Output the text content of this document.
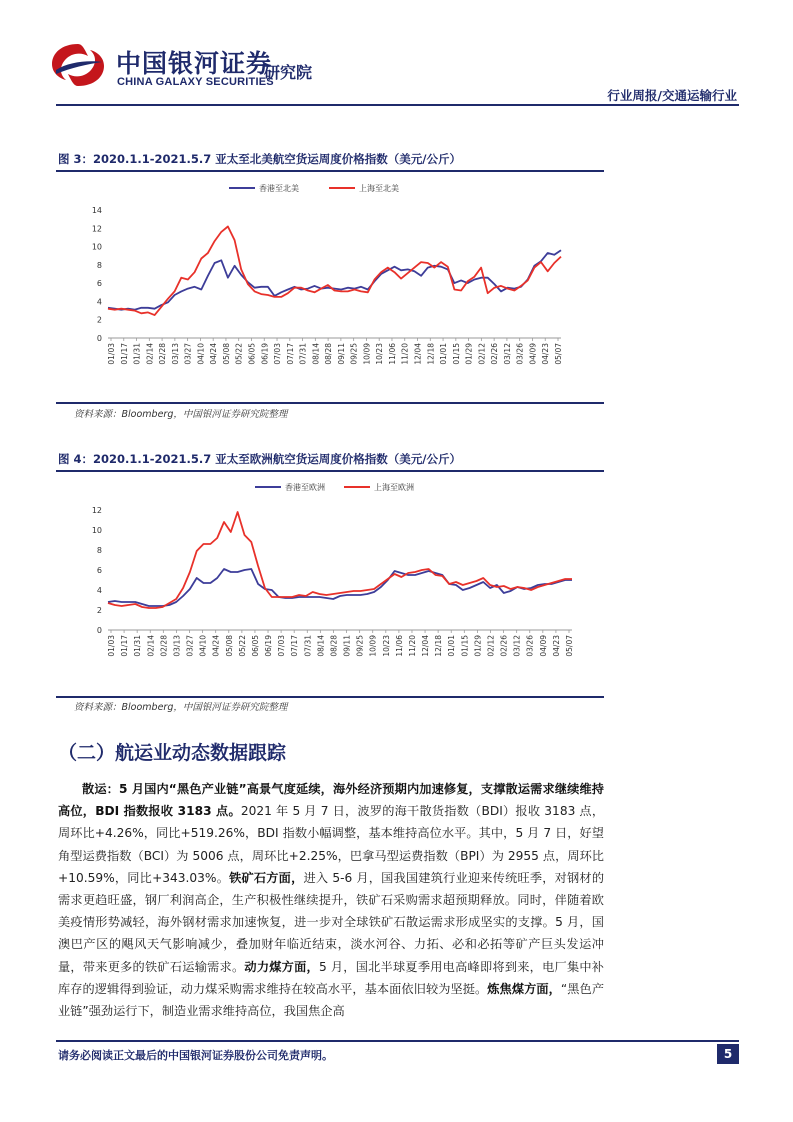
中国银河证券
CHINA GALAXY SECURITIES
研究院
行业周报/交通运输行业
图 3：2020.1.1-2021.5.7 亚太至北美航空货运周度价格指数（美元/公斤）
香港至北美	上海至北美
0
2
4
6
8
10
12
14
01/03 01/17 01/31 02/14 02/28 03/13 03/27 04/10 04/24 05/08 05/22 06/05 06/19 07/03 07/17 07/31 08/14 08/28 09/11 09/25 10/09 10/23 11/06 11/20 12/04 12/18 01/01 01/15 01/29 02/12 02/26 03/12 03/26 04/09 04/23 05/07
资料来源：Bloomberg，中国银河证券研究院整理
图 4：2020.1.1-2021.5.7 亚太至欧洲航空货运周度价格指数（美元/公斤）
香港至欧洲	上海至欧洲
0
2
4
6
8
10
12
01/03 01/17 01/31 02/14 02/28 03/13 03/27 04/10 04/24 05/08 05/22 06/05 06/19 07/03 07/17 07/31 08/14 08/28 09/11 09/25 10/09 10/23 11/06 11/20 12/04 12/18 01/01 01/15 01/29 02/12 02/26 03/12 03/26 04/09 04/23 05/07
资料来源：Bloomberg，中国银河证券研究院整理
（二）航运业动态数据跟踪
散运：5 月国内“黑色产业链”高景气度延续，海外经济预期内加速修复，支撑散运需求继续维持高位，BDI 指数报收 3183 点。2021 年 5 月 7 日，波罗的海干散货指数（BDI）报收 3183 点，周环比+4.26%，同比+519.26%，BDI 指数小幅调整，基本维持高位水平。其中，5 月 7 日，好望角型运费指数（BCI）为 5006 点，周环比+2.25%，巴拿马型运费指数（BPI）为 2955 点，周环比+10.59%，同比+343.03%。铁矿石方面，进入 5-6 月，国我国建筑行业迎来传统旺季，对钢材的需求更趋旺盛，钢厂利润高企，生产积极性继续提升，铁矿石采购需求超预期释放。同时，伴随着欧美疫情形势减轻，海外钢材需求加速恢复，进一步对全球铁矿石散运需求形成坚实的支撑。5 月，国澳巴产区的飓风天气影响减少，叠加财年临近结束，淡水河谷、力拓、必和必拓等矿产巨头发运冲量，带来更多的铁矿石运输需求。动力煤方面，5 月，国北半球夏季用电高峰即将到来，电厂集中补库存的逻辑得到验证，动力煤采购需求维持在较高水平，基本面依旧较为坚挺。炼焦煤方面，“黑色产业链”强劲运行下，制造业需求维持高位，我国焦企高
请务必阅读正文最后的中国银河证券股份公司免责声明。	5
